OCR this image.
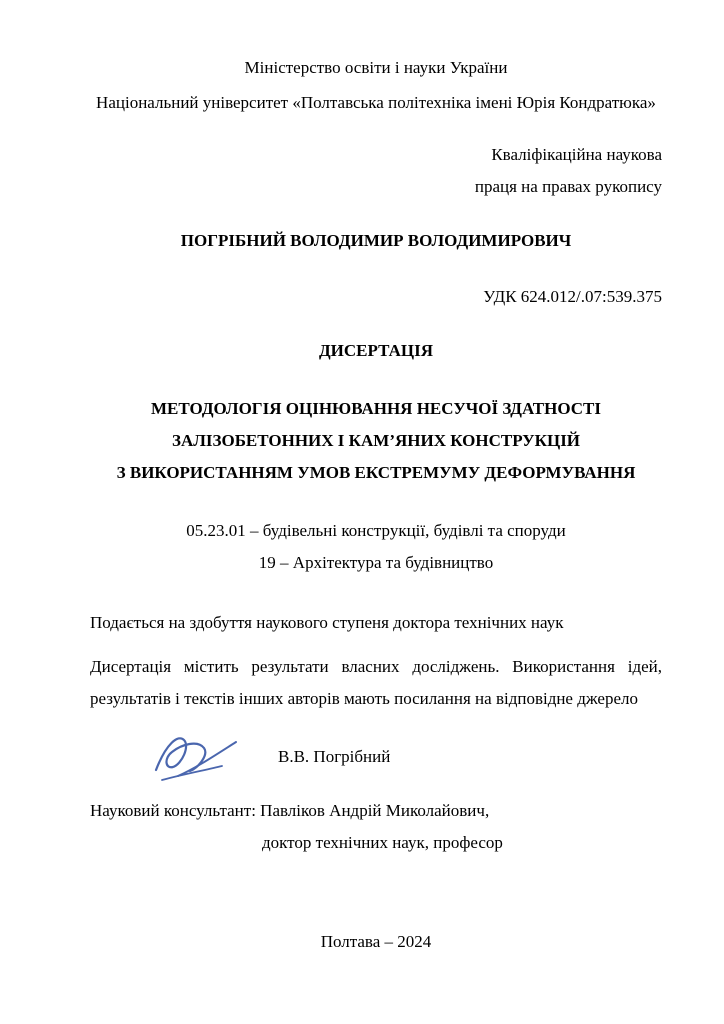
Міністерство освіти і науки України
Національний університет «Полтавська політехніка імені Юрія Кондратюка»
Кваліфікаційна наукова
праця на правах рукопису
ПОГРІБНИЙ ВОЛОДИМИР ВОЛОДИМИРОВИЧ
УДК 624.012/.07:539.375
ДИСЕРТАЦІЯ
МЕТОДОЛОГІЯ ОЦІНЮВАННЯ НЕСУЧОЇ ЗДАТНОСТІ
ЗАЛІЗОБЕТОННИХ І КАМ’ЯНИХ КОНСТРУКЦІЙ
З ВИКОРИСТАННЯМ УМОВ ЕКСТРЕМУМУ ДЕФОРМУВАННЯ
05.23.01 – будівельні конструкції, будівлі та споруди
19 – Архітектура та будівництво
Подається на здобуття наукового ступеня доктора технічних наук

Дисертація містить результати власних досліджень. Використання ідей, результатів і текстів інших авторів мають посилання на відповідне джерело

В.В. Погрібний
Науковий консультант: Павліков Андрій Миколайович,
доктор технічних наук, професор
Полтава – 2024
